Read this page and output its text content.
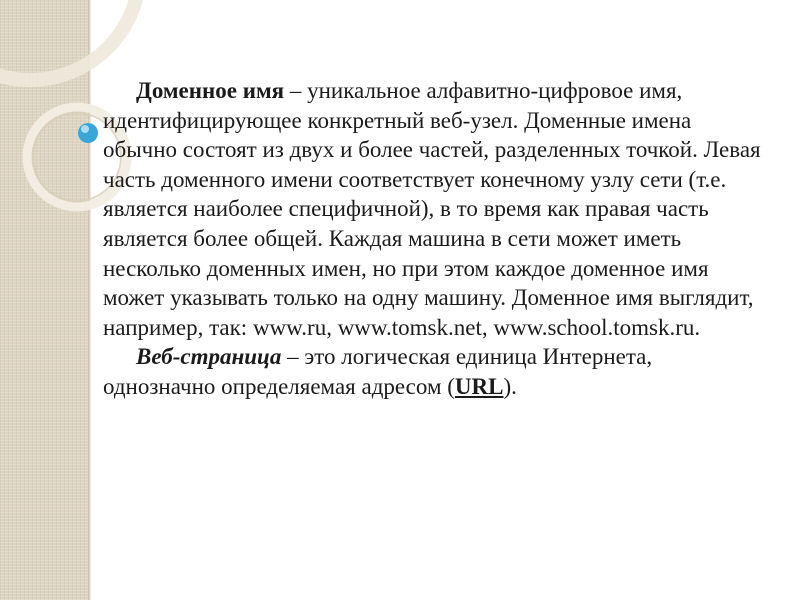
Доменное имя – уникальное алфавитно-цифровое имя, идентифицирующее конкретный веб-узел. Доменные имена обычно состоят из двух и более частей, разделенных точкой. Левая часть доменного имени соответствует конечному узлу сети (т.е. является наиболее специфичной), в то время как правая часть является более общей. Каждая машина в сети может иметь несколько доменных имен, но при этом каждое доменное имя может указывать только на одну машину. Доменное имя выглядит, например, так: www.ru, www.tomsk.net, www.school.tomsk.ru.

Веб-страница – это логическая единица Интернета, однозначно определяемая адресом (URL).
